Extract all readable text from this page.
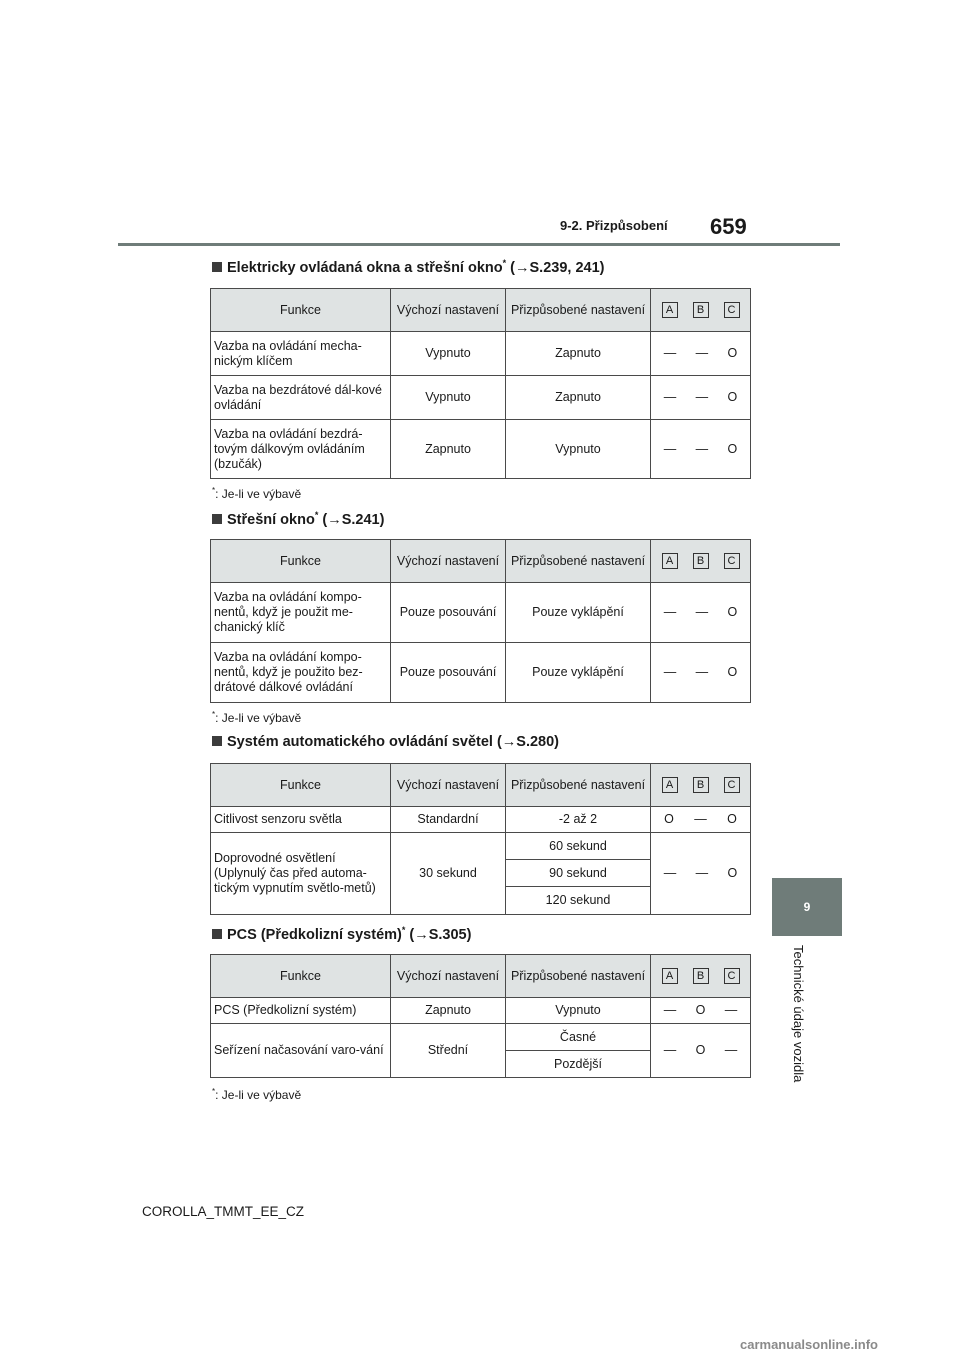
9-2. Přizpůsobení 659
Elektricky ovládaná okna a střešní okno* (→S.239, 241)
Funkce	Výchozí nastavení	Přizpůsobené nastavení	A B C

Vazba na ovládání mecha-nickým klíčem	Vypnuto	Zapnuto	— — O

Vazba na bezdrátové dál-kové ovládání	Vypnuto	Zapnuto	— — O

Vazba na ovládání bezdrá-tovým dálkovým ovládáním (bzučák)	Zapnuto	Vypnuto	— — O
*: Je-li ve výbavě
Střešní okno* (→S.241)
Funkce	Výchozí nastavení	Přizpůsobené nastavení	A B C

Vazba na ovládání kompo-nentů, když je použit me-chanický klíč	Pouze posouvání	Pouze vyklápění	— — O

Vazba na ovládání kompo-nentů, když je použito bez-drátové dálkové ovládání	Pouze posouvání	Pouze vyklápění	— — O
*: Je-li ve výbavě
Systém automatického ovládání světel (→S.280)
Funkce	Výchozí nastavení	Přizpůsobené nastavení	A B C

Citlivost senzoru světla	Standardní	-2 až 2	O — O

Doprovodné osvětlení (Uplynulý čas před automa-tickým vypnutím světlo-metů)	30 sekund	60 sekund	— — O

		90 sekund	
		120 sekund	
PCS (Předkolizní systém)* (→S.305)
Funkce	Výchozí nastavení	Přizpůsobené nastavení	A B C

PCS (Předkolizní systém)	Zapnuto	Vypnuto	— O —

Seřízení načasování varo-vání	Střední	Časné	— O —

		Pozdější	
*: Je-li ve výbavě
9
Technické údaje vozidla
COROLLA_TMMT_EE_CZ
carmanualsonline.info
